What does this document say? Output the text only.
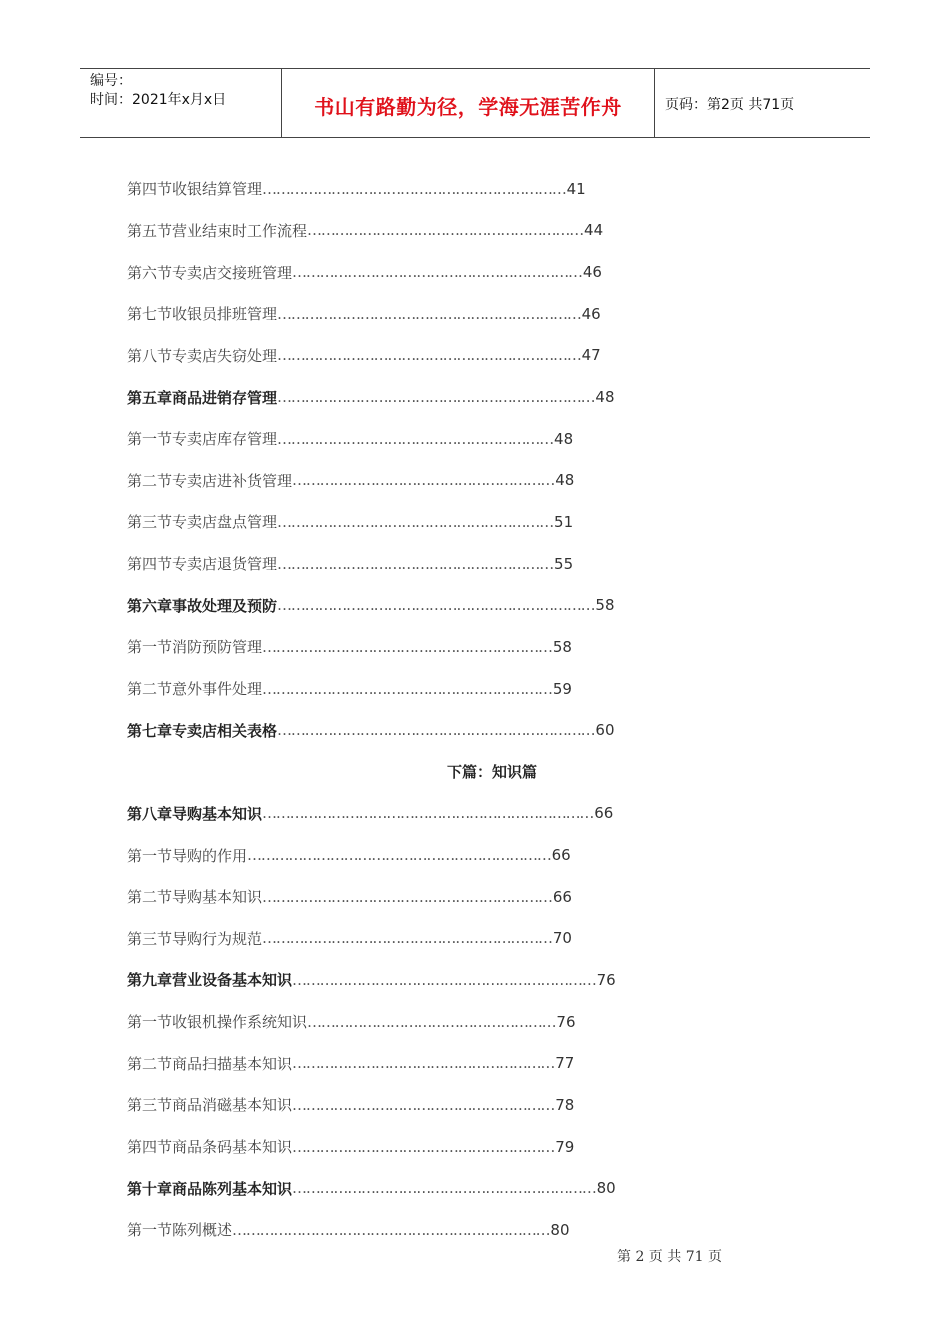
编号：
时间：2021年x月x日	书山有路勤为径，学海无涯苦作舟	页码：第2页 共71页
第四节收银结算管理 ………………………………………………………… 41
第五节营业结束时工作流程 …………………………………………………… 44
第六节专卖店交接班管理 ……………………………………………………… 46
第七节收银员排班管理 ………………………………………………………… 46
第八节专卖店失窃处理 ………………………………………………………… 47
第五章商品进销存管理 …………………………………………………………… 48
第一节专卖店库存管理 …………………………………………………… 48
第二节专卖店进补货管理 ………………………………………………… 48
第三节专卖店盘点管理 …………………………………………………… 51
第四节专卖店退货管理 …………………………………………………… 55
第六章事故处理及预防 …………………………………………………………… 58
第一节消防预防管理 ……………………………………………………… 58
第二节意外事件处理 ……………………………………………………… 59
第七章专卖店相关表格 …………………………………………………………… 60
下篇：知识篇
第八章导购基本知识 ……………………………………………………………… 66
第一节导购的作用 ………………………………………………………… 66
第二节导购基本知识 ……………………………………………………… 66
第三节导购行为规范 ……………………………………………………… 70
第九章营业设备基本知识 ………………………………………………………… 76
第一节收银机操作系统知识 ……………………………………………… 76
第二节商品扫描基本知识 ………………………………………………… 77
第三节商品消磁基本知识 ………………………………………………… 78
第四节商品条码基本知识 ………………………………………………… 79
第十章商品陈列基本知识 ………………………………………………………… 80
第一节陈列概述 …………………………………………………………… 80
第 2 页 共 71 页
